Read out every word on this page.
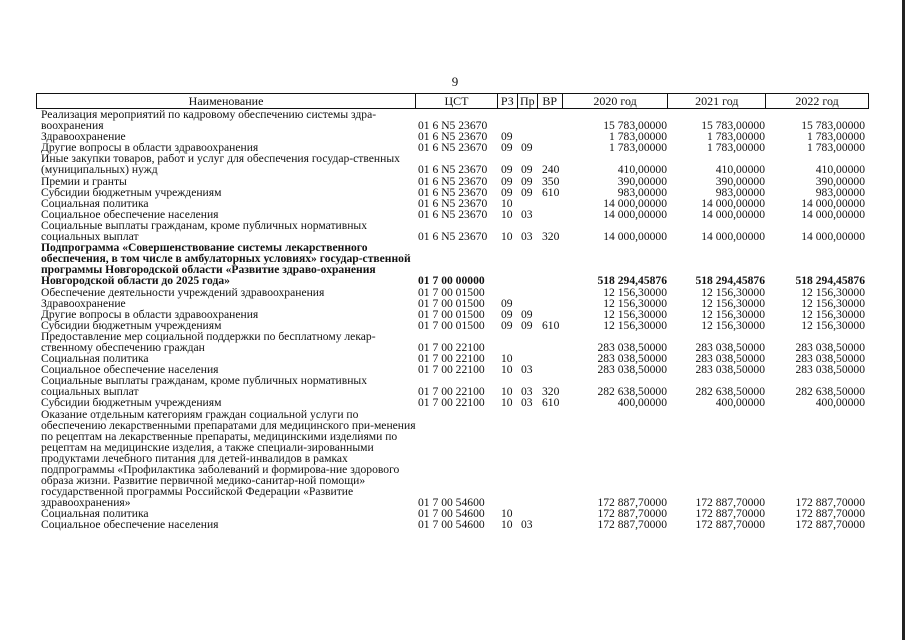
9
Наименование	ЦСТ	РЗ Пр ВР	2020 год	2021 год	2022 год
Реализация мероприятий по кадровому обеспечению системы здра-воохранения	01 6 N5 23670	15 783,00000	15 783,00000	15 783,00000
Здравоохранение	01 6 N5 23670	09	1 783,00000	1 783,00000	1 783,00000
Другие вопросы в области здравоохранения	01 6 N5 23670	09 09	1 783,00000	1 783,00000	1 783,00000
Иные закупки товаров, работ и услуг для обеспечения государ-ственных (муниципальных) нужд	01 6 N5 23670	09 09 240	410,00000	410,00000	410,00000
Премии и гранты	01 6 N5 23670	09 09 350	390,00000	390,00000	390,00000
Субсидии бюджетным учреждениям	01 6 N5 23670	09 09 610	983,00000	983,00000	983,00000
Социальная политика	01 6 N5 23670	10	14 000,00000	14 000,00000	14 000,00000
Социальное обеспечение населения	01 6 N5 23670	10 03	14 000,00000	14 000,00000	14 000,00000
Социальные выплаты гражданам, кроме публичных нормативных социальных выплат	01 6 N5 23670	10 03 320	14 000,00000	14 000,00000	14 000,00000
Подпрограмма «Совершенствование системы лекарственного обеспечения, в том числе в амбулаторных условиях» государ-ственной программы Новгородской области «Развитие здраво-охранения Новгородской области до 2025 года»	01 7 00 00000	518 294,45876	518 294,45876	518 294,45876
Обеспечение деятельности учреждений здравоохранения	01 7 00 01500	12 156,30000	12 156,30000	12 156,30000
Здравоохранение	01 7 00 01500	09	12 156,30000	12 156,30000	12 156,30000
Другие вопросы в области здравоохранения	01 7 00 01500	09 09	12 156,30000	12 156,30000	12 156,30000
Субсидии бюджетным учреждениям	01 7 00 01500	09 09 610	12 156,30000	12 156,30000	12 156,30000
Предоставление мер социальной поддержки по бесплатному лекар-ственному обеспечению граждан	01 7 00 22100	283 038,50000	283 038,50000	283 038,50000
Социальная политика	01 7 00 22100	10	283 038,50000	283 038,50000	283 038,50000
Социальное обеспечение населения	01 7 00 22100	10 03	283 038,50000	283 038,50000	283 038,50000
Социальные выплаты гражданам, кроме публичных нормативных социальных выплат	01 7 00 22100	10 03 320	282 638,50000	282 638,50000	282 638,50000
Субсидии бюджетным учреждениям	01 7 00 22100	10 03 610	400,00000	400,00000	400,00000
Оказание отдельным категориям граждан социальной услуги по обеспечению лекарственными препаратами для медицинского при-менения по рецептам на лекарственные препараты, медицинскими изделиями по рецептам на медицинские изделия, а также специали-зированными продуктами лечебного питания для детей-инвалидов в рамках подпрограммы «Профилактика заболеваний и формирова-ние здорового образа жизни. Развитие первичной медико-санитар-ной помощи» государственной программы Российской Федерации «Развитие здравоохранения»	01 7 00 54600	172 887,70000	172 887,70000	172 887,70000
Социальная политика	01 7 00 54600	10	172 887,70000	172 887,70000	172 887,70000
Социальное обеспечение населения	01 7 00 54600	10 03	172 887,70000	172 887,70000	172 887,70000
